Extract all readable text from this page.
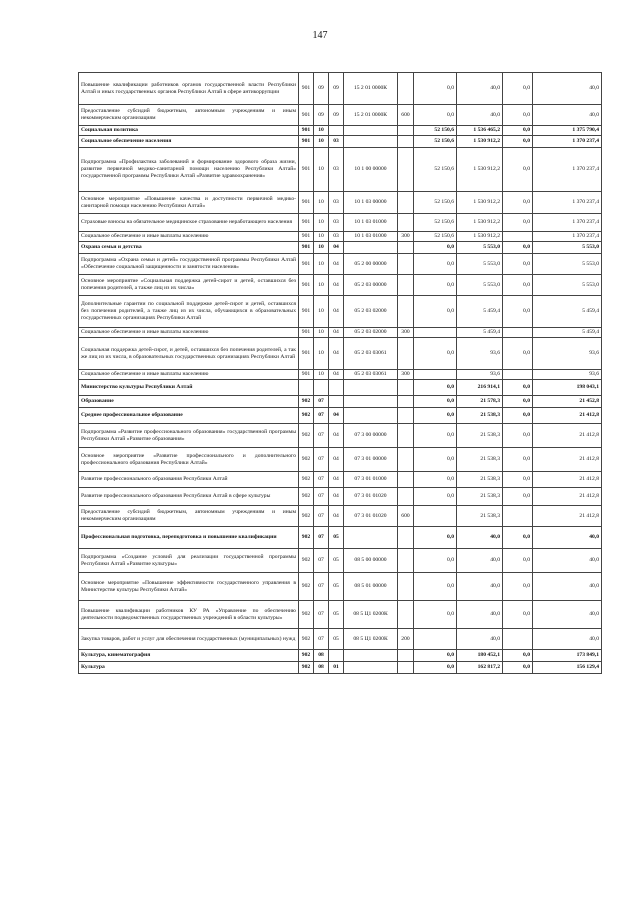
147
Повышение квалификации работников органов государственной власти Республики Алтай и иных государственных органов Республики Алтай в сфере антикоррупции	901	09	09	15 2 01 0000К		0,0	40,0	0,0	40,0
Предоставление субсидий бюджетным, автономным учреждениям и иным некоммерческим организациям	901	09	09	15 2 01 0000К	600	0,0	40,0	0,0	40,0
Социальная политика	901	10				52 150,6	1 536 465,2	0,0	1 375 790,4
Социальное обеспечение населения	901	10	03			52 150,6	1 530 912,2	0,0	1 370 237,4
Подпрограмма «Профилактика заболеваний и формирование здорового образа жизни, развитие первичной медико-санитарной помощи населению Республики Алтай» государственной программы Республики Алтай «Развитие здравоохранения»	901	10	03	10 1 00 00000		52 150,6	1 530 912,2	0,0	1 370 237,4
Основное мероприятие «Повышение качества и доступности первичной медико-санитарной помощи населению Республики Алтай»	901	10	03	10 1 03 00000		52 150,6	1 530 912,2	0,0	1 370 237,4
Страховые взносы на обязательное медицинское страхование неработающего населения	901	10	03	10 1 03 01000		52 150,6	1 530 912,2	0,0	1 370 237,4
Социальное обеспечение и иные выплаты населению	901	10	03	10 1 03 01000	300	52 150,6	1 530 912,2		1 370 237,4
Охрана семьи и детства	901	10	04			0,0	5 553,0	0,0	5 553,0
Подпрограмма «Охрана семьи и детей» государственной программы Республики Алтай «Обеспечение социальной защищенности и занятости населения»	901	10	04	05 2 00 00000		0,0	5 553,0	0,0	5 553,0
Основное мероприятие «Социальная поддержка детей-сирот и детей, оставшихся без попечения родителей, а также лиц из их числа»	901	10	04	05 2 03 00000		0,0	5 553,0	0,0	5 553,0
Дополнительные гарантии по социальной поддержке детей-сирот и детей, оставшихся без попечения родителей, а также лиц из их числа, обучающихся в образовательных государственных организациях Республики Алтай	901	10	04	05 2 03 02000		0,0	5 459,4	0,0	5 459,4
Социальное обеспечение и иные выплаты населению	901	10	04	05 2 03 02000	300		5 459,4		5 459,4
Социальная поддержка детей-сирот, и детей, оставшихся без попечения родителей, а так же лиц из их числа, в образовательных государственных организациях Республики Алтай	901	10	04	05 2 03 03061		0,0	93,6	0,0	93,6
Социальное обеспечение и иные выплаты населению	901	10	04	05 2 03 03061	300		93,6		93,6
Министерство культуры Республики Алтай						0,0	216 914,1	0,0	198 043,1
Образование	902	07				0,0	21 578,3	0,0	21 452,8
Среднее профессиональное образование	902	07	04			0,0	21 538,3	0,0	21 412,8
Подпрограмма «Развитие профессионального образования» государственной программы Республики Алтай «Развитие образования»	902	07	04	07 3 00 00000		0,0	21 538,3	0,0	21 412,8
Основное мероприятие «Развитие профессионального и дополнительного профессионального образования Республики Алтай»	902	07	04	07 3 01 00000		0,0	21 538,3	0,0	21 412,8
Развитие профессионального образования Республики Алтай	902	07	04	07 3 01 01000		0,0	21 538,3	0,0	21 412,8
Развитие профессионального образования Республики Алтай в сфере культуры	902	07	04	07 3 01 01020		0,0	21 538,3	0,0	21 412,8
Предоставление субсидий бюджетным, автономным учреждениям и иным некоммерческим организациям	902	07	04	07 3 01 01020	600		21 538,3		21 412,8
Профессиональная подготовка, переподготовка и повышение квалификации	902	07	05			0,0	40,0	0,0	40,0
Подпрограмма «Создание условий для реализации государственной программы Республики Алтай «Развитие культуры»	902	07	05	08 5 00 00000		0,0	40,0	0,0	40,0
Основное мероприятие «Повышение эффективности государственного управления в Министерстве культуры Республики Алтай»	902	07	05	08 5 01 00000		0,0	40,0	0,0	40,0
Повышение квалификации работников КУ РА «Управление по обеспечению деятельности подведомственных государственных учреждений в области культуры»	902	07	05	08 5 Ц1 0200К		0,0	40,0	0,0	40,0
Закупка товаров, работ и услуг для обеспечения государственных (муниципальных) нужд	902	07	05	08 5 Ц1 0200К	200		40,0		40,0
Культура, кинематография	902	08				0,0	180 452,1	0,0	173 849,1
Культура	902	08	01			0,0	162 817,2	0,0	156 129,4
